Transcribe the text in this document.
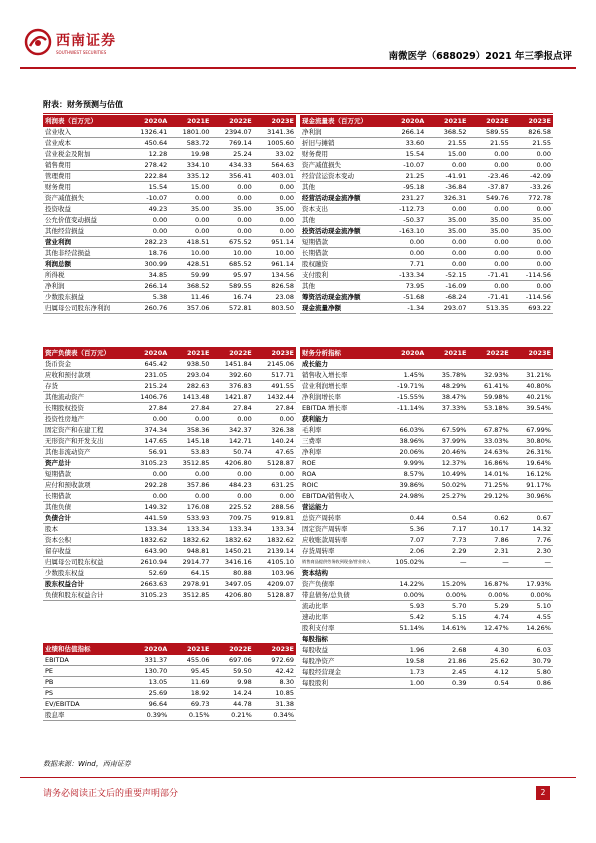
西南证券
SOUTHWEST SECURITIES	南微医学（688029）2021 年三季报点评
附表：财务预测与估值
利润表（百万元）	2020A	2021E	2022E	2023E
营业收入	1326.41	1801.00	2394.07	3141.36
营业成本	450.64	583.72	769.14	1005.60
营业税金及附加	12.28	19.98	25.24	33.02
销售费用	278.42	334.10	434.33	564.63
管理费用	222.84	335.12	356.41	403.01
财务费用	15.54	15.00	0.00	0.00
资产减值损失	-10.07	0.00	0.00	0.00
投资收益	49.23	35.00	35.00	35.00
公允价值变动损益	0.00	0.00	0.00	0.00
其他经营损益	0.00	0.00	0.00	0.00
营业利润	282.23	418.51	675.52	951.14
其他非经营损益	18.76	10.00	10.00	10.00
利润总额	300.99	428.51	685.52	961.14
所得税	34.85	59.99	95.97	134.56
净利润	266.14	368.52	589.55	826.58
少数股东损益	5.38	11.46	16.74	23.08
归属母公司股东净利润	260.76	357.06	572.81	803.50
现金流量表（百万元）	2020A	2021E	2022E	2023E
净利润	266.14	368.52	589.55	826.58
折旧与摊销	33.60	21.55	21.55	21.55
财务费用	15.54	15.00	0.00	0.00
资产减值损失	-10.07	0.00	0.00	0.00
经营营运资本变动	21.25	-41.91	-23.46	-42.09
其他	-95.18	-36.84	-37.87	-33.26
经营活动现金流净额	231.27	326.31	549.76	772.78
资本支出	-112.73	0.00	0.00	0.00
其他	-50.37	35.00	35.00	35.00
投资活动现金流净额	-163.10	35.00	35.00	35.00
短期借款	0.00	0.00	0.00	0.00
长期借款	0.00	0.00	0.00	0.00
股权融资	7.71	0.00	0.00	0.00
支付股利	-133.34	-52.15	-71.41	-114.56
其他	73.95	-16.09	0.00	0.00
筹资活动现金流净额	-51.68	-68.24	-71.41	-114.56
现金流量净额	-1.34	293.07	513.35	693.22
资产负债表（百万元）	2020A	2021E	2022E	2023E
货币资金	645.42	938.50	1451.84	2145.06
应收和预付款项	231.05	293.04	392.60	517.71
存货	215.24	282.63	376.83	491.55
其他流动资产	1406.76	1413.48	1421.87	1432.44
长期股权投资	27.84	27.84	27.84	27.84
投资性房地产	0.00	0.00	0.00	0.00
固定资产和在建工程	374.34	358.36	342.37	326.38
无形资产和开发支出	147.65	145.18	142.71	140.24
其他非流动资产	56.91	53.83	50.74	47.65
资产总计	3105.23	3512.85	4206.80	5128.87
短期借款	0.00	0.00	0.00	0.00
应付和预收款项	292.28	357.86	484.23	631.25
长期借款	0.00	0.00	0.00	0.00
其他负债	149.32	176.08	225.52	288.56
负债合计	441.59	533.93	709.75	919.81
股本	133.34	133.34	133.34	133.34
资本公积	1832.62	1832.62	1832.62	1832.62
留存收益	643.90	948.81	1450.21	2139.14
归属母公司股东权益	2610.94	2914.77	3416.16	4105.10
少数股东权益	52.69	64.15	80.88	103.96
股东权益合计	2663.63	2978.91	3497.05	4209.07
负债和股东权益合计	3105.23	3512.85	4206.80	5128.87
财务分析指标	2020A	2021E	2022E	2023E
成长能力				
销售收入增长率	1.45%	35.78%	32.93%	31.21%
营业利润增长率	-19.71%	48.29%	61.41%	40.80%
净利润增长率	-15.55%	38.47%	59.98%	40.21%
EBITDA 增长率	-11.14%	37.33%	53.18%	39.54%
获利能力				
毛利率	66.03%	67.59%	67.87%	67.99%
三费率	38.96%	37.99%	33.03%	30.80%
净利率	20.06%	20.46%	24.63%	26.31%
ROE	9.99%	12.37%	16.86%	19.64%
ROA	8.57%	10.49%	14.01%	16.12%
ROIC	39.86%	50.02%	71.25%	91.17%
EBITDA/销售收入	24.98%	25.27%	29.12%	30.96%
营运能力				
总资产周转率	0.44	0.54	0.62	0.67
固定资产周转率	5.36	7.17	10.17	14.32
应收账款周转率	7.07	7.73	7.86	7.76
存货周转率	2.06	2.29	2.31	2.30
销售商品提供劳务收到现金/营业收入	105.02%	—	—	—
资本结构				
资产负债率	14.22%	15.20%	16.87%	17.93%
带息债务/总负债	0.00%	0.00%	0.00%	0.00%
流动比率	5.93	5.70	5.29	5.10
速动比率	5.42	5.15	4.74	4.55
股利支付率	51.14%	14.61%	12.47%	14.26%
每股指标				
每股收益	1.96	2.68	4.30	6.03
每股净资产	19.58	21.86	25.62	30.79
每股经营现金	1.73	2.45	4.12	5.80
每股股利	1.00	0.39	0.54	0.86
业绩和估值指标	2020A	2021E	2022E	2023E
EBITDA	331.37	455.06	697.06	972.69
PE	130.70	95.45	59.50	42.42
PB	13.05	11.69	9.98	8.30
PS	25.69	18.92	14.24	10.85
EV/EBITDA	96.64	69.73	44.78	31.38
股息率	0.39%	0.15%	0.21%	0.34%
数据来源：Wind，西南证券
请务必阅读正文后的重要声明部分	2
